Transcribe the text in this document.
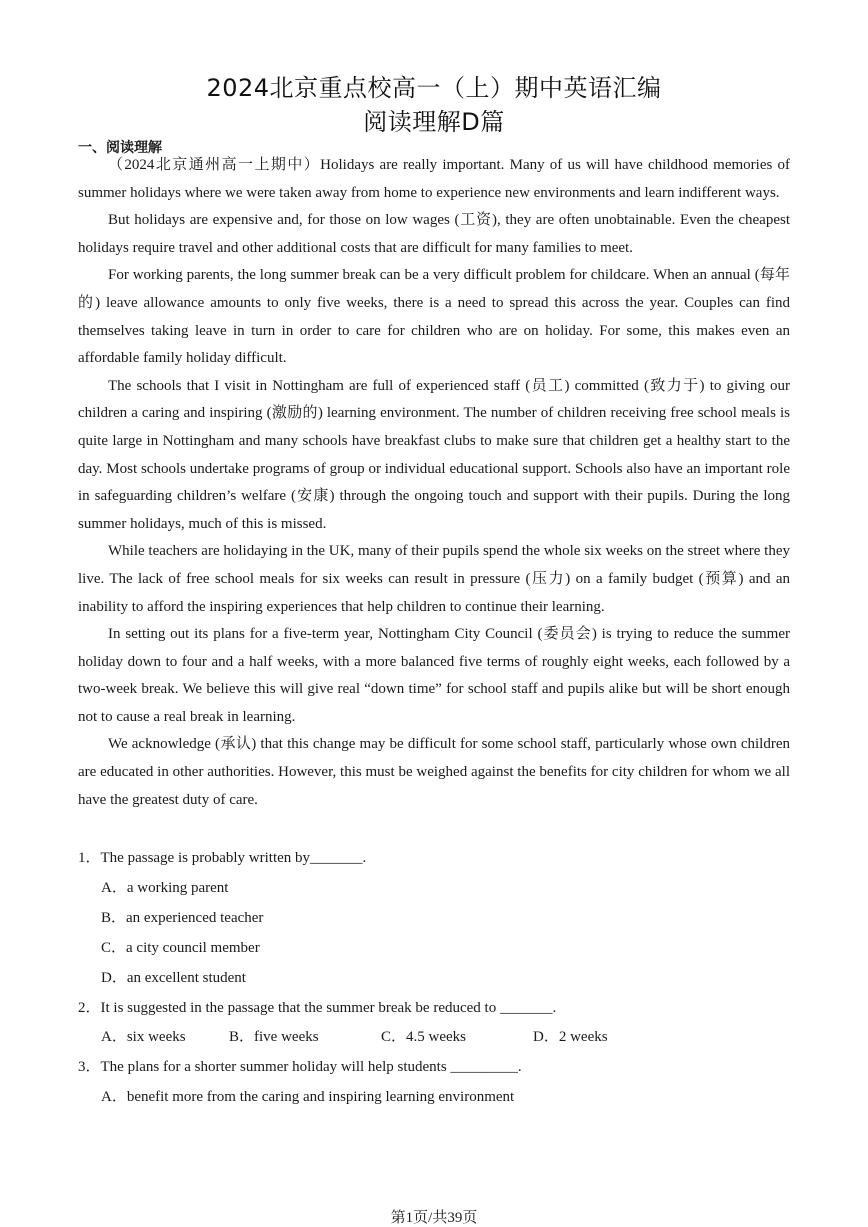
2024北京重点校高一（上）期中英语汇编
阅读理解D篇
一、阅读理解

（2024北京通州高一上期中）Holidays are really important. Many of us will have childhood memories of summer holidays where we were taken away from home to experience new environments and learn indifferent ways.

But holidays are expensive and, for those on low wages (工资), they are often unobtainable. Even the cheapest holidays require travel and other additional costs that are difficult for many families to meet.

For working parents, the long summer break can be a very difficult problem for childcare. When an annual (每年的) leave allowance amounts to only five weeks, there is a need to spread this across the year. Couples can find themselves taking leave in turn in order to care for children who are on holiday. For some, this makes even an affordable family holiday difficult.

The schools that I visit in Nottingham are full of experienced staff (员工) committed (致力于) to giving our children a caring and inspiring (激励的) learning environment. The number of children receiving free school meals is quite large in Nottingham and many schools have breakfast clubs to make sure that children get a healthy start to the day. Most schools undertake programs of group or individual educational support. Schools also have an important role in safeguarding children’s welfare (安康) through the ongoing touch and support with their pupils. During the long summer holidays, much of this is missed.

While teachers are holidaying in the UK, many of their pupils spend the whole six weeks on the street where they live. The lack of free school meals for six weeks can result in pressure (压力) on a family budget (预算) and an inability to afford the inspiring experiences that help children to continue their learning.

In setting out its plans for a five-term year, Nottingham City Council (委员会) is trying to reduce the summer holiday down to four and a half weeks, with a more balanced five terms of roughly eight weeks, each followed by a two-week break. We believe this will give real “down time” for school staff and pupils alike but will be short enough not to cause a real break in learning.

We acknowledge (承认) that this change may be difficult for some school staff, particularly whose own children are educated in other authorities. However, this must be weighed against the benefits for city children for whom we all have the greatest duty of care.

1．The passage is probably written by_______.
A．a working parent
B．an experienced teacher
C．a city council member
D．an excellent student
2．It is suggested in the passage that the summer break be reduced to _______.
A．six weeks	B．five weeks	C．4.5 weeks	D．2 weeks
3．The plans for a shorter summer holiday will help students _________.
A．benefit more from the caring and inspiring learning environment
第1页/共39页
